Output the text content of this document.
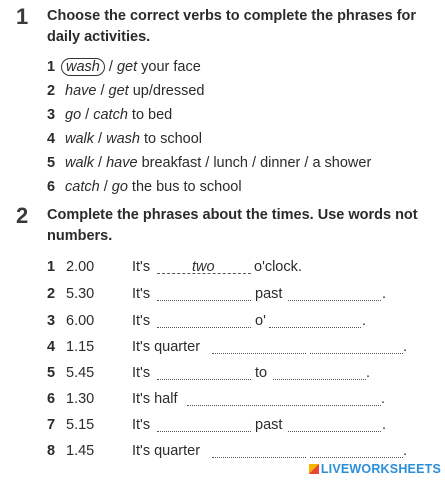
1 Choose the correct verbs to complete the phrases for daily activities.
1 wash / get your face
2 have / get up/dressed
3 go / catch to bed
4 walk / wash to school
5 walk / have breakfast / lunch / dinner / a shower
6 catch / go the bus to school
2 Complete the phrases about the times. Use words not numbers.
1 2.00	It's	two	o'clock.
2 5.30	It's	past	.
3 6.00	It's	o'	.
4 1.15	It's quarter	.
5 5.45	It's	to	.
6 1.30	It's half	.
7 5.15	It's	past	.
8 1.45	It's quarter	.
LIVEWORKSHEETS
